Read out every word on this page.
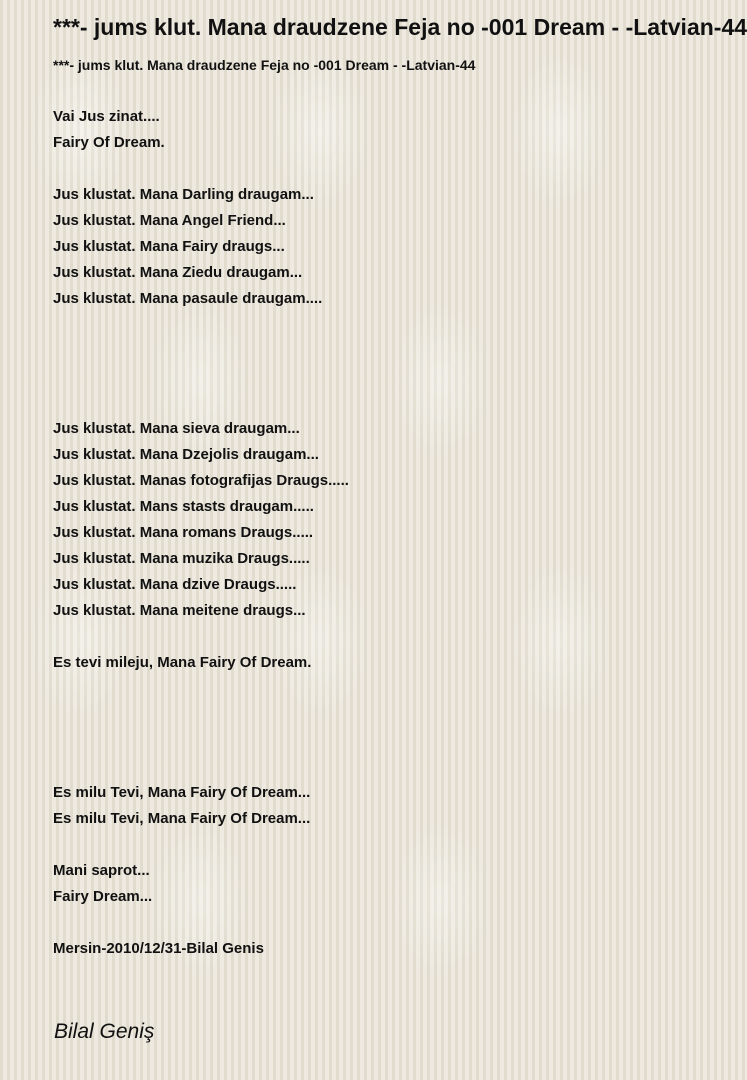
***- jums klut. Mana draudzene Feja no -001 Dream - -Latvian-44
***- jums klut. Mana draudzene Feja no -001 Dream - -Latvian-44
Vai Jus zinat....
Fairy Of Dream.
Jus klustat. Mana Darling draugam...
Jus klustat. Mana Angel Friend...
Jus klustat. Mana Fairy draugs...
Jus klustat. Mana Ziedu draugam...
Jus klustat. Mana pasaule draugam....
Jus klustat. Mana sieva draugam...
Jus klustat. Mana Dzejolis draugam...
Jus klustat. Manas fotografijas Draugs.....
Jus klustat. Mans stasts draugam.....
Jus klustat. Mana romans Draugs.....
Jus klustat. Mana muzika Draugs.....
Jus klustat. Mana dzive Draugs.....
Jus klustat. Mana meitene draugs...
Es tevi mileju, Mana Fairy Of Dream.
Es milu Tevi, Mana Fairy Of Dream...
Es milu Tevi, Mana Fairy Of Dream...
Mani saprot...
Fairy Dream...
Mersin-2010/12/31-Bilal Genis
Bilal Geniş
